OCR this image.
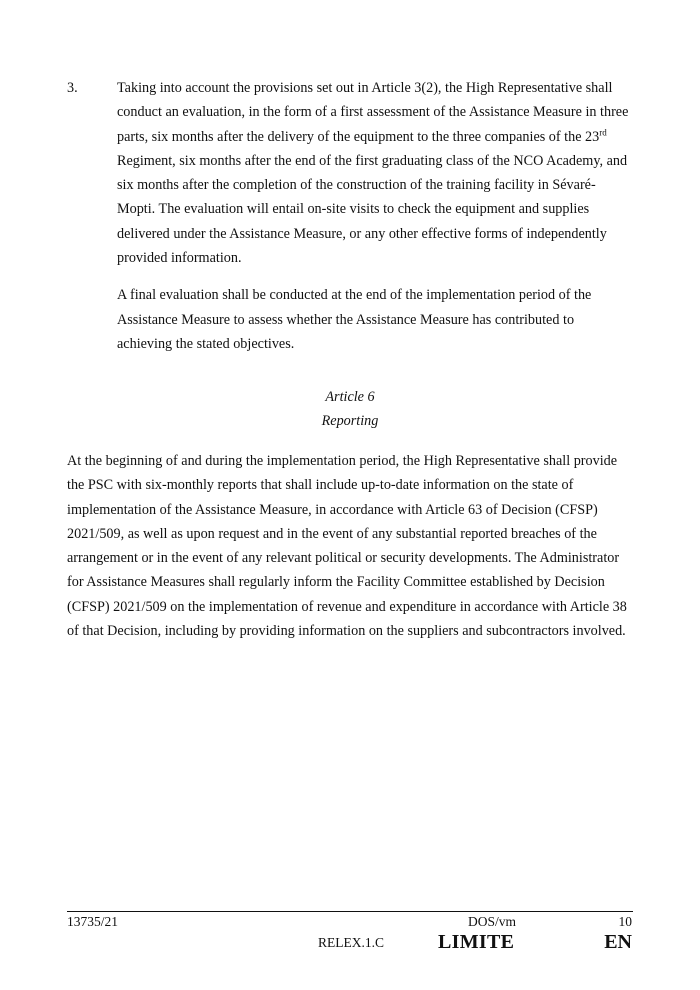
3.	Taking into account the provisions set out in Article 3(2), the High Representative shall conduct an evaluation, in the form of a first assessment of the Assistance Measure in three parts, six months after the delivery of the equipment to the three companies of the 23rd Regiment, six months after the end of the first graduating class of the NCO Academy, and six months after the completion of the construction of the training facility in Sévaré-Mopti. The evaluation will entail on-site visits to check the equipment and supplies delivered under the Assistance Measure, or any other effective forms of independently provided information.

A final evaluation shall be conducted at the end of the implementation period of the Assistance Measure to assess whether the Assistance Measure has contributed to achieving the stated objectives.

Article 6
Reporting
At the beginning of and during the implementation period, the High Representative shall provide the PSC with six-monthly reports that shall include up-to-date information on the state of implementation of the Assistance Measure, in accordance with Article 63 of Decision (CFSP) 2021/509, as well as upon request and in the event of any substantial reported breaches of the arrangement or in the event of any relevant political or security developments. The Administrator for Assistance Measures shall regularly inform the Facility Committee established by Decision (CFSP) 2021/509 on the implementation of revenue and expenditure in accordance with Article 38 of that Decision, including by providing information on the suppliers and subcontractors involved.
13735/21	DOS/vm	10
RELEX.1.C	LIMITE	EN
